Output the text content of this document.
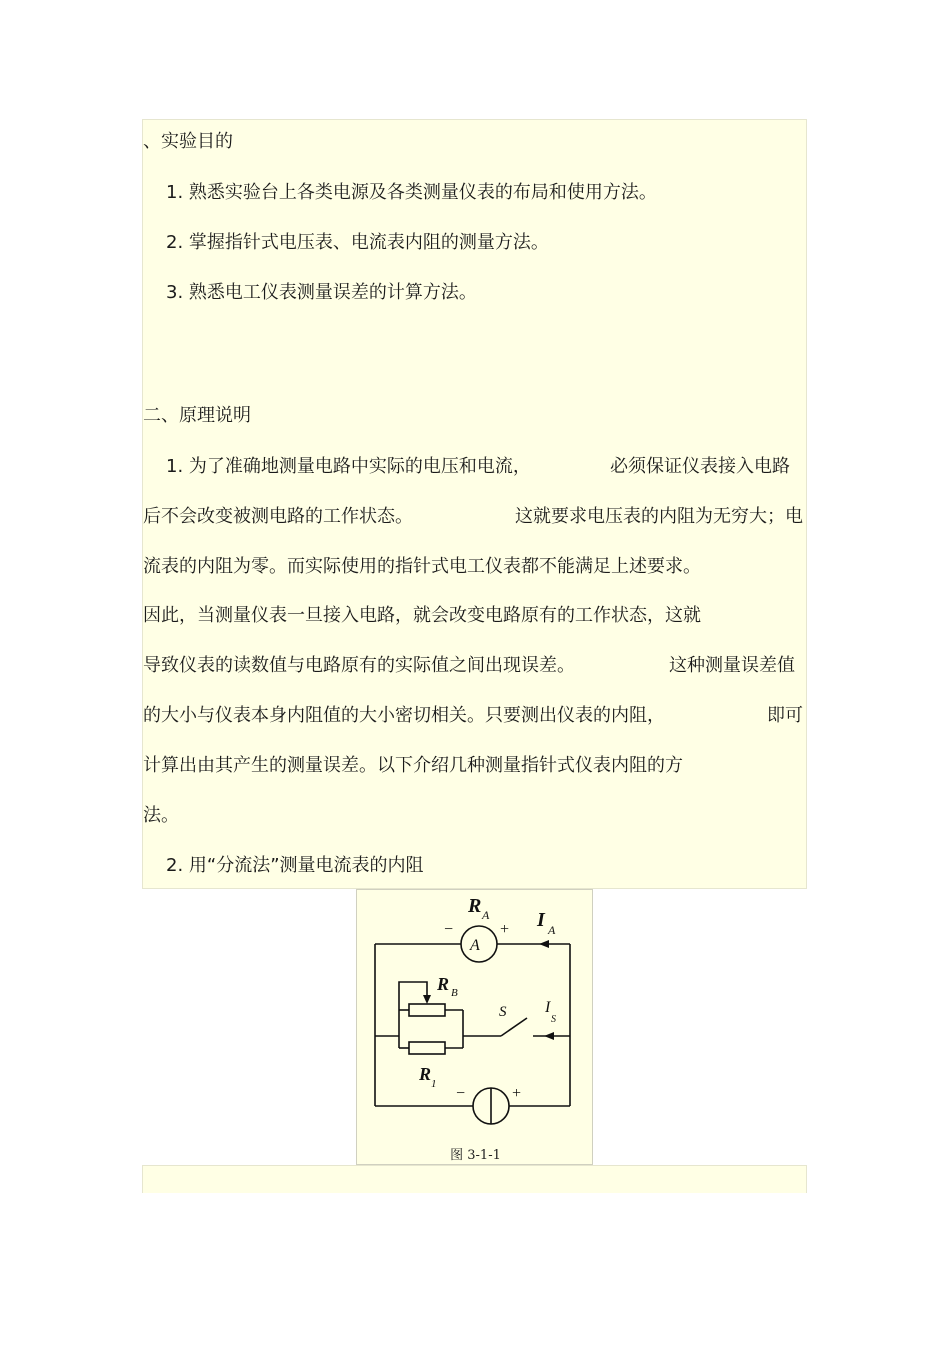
、实验目的
1. 熟悉实验台上各类电源及各类测量仪表的布局和使用方法。
2. 掌握指针式电压表、电流表内阻的测量方法。
3. 熟悉电工仪表测量误差的计算方法。
二、原理说明
1. 为了准确地测量电路中实际的电压和电流，	必须保证仪表接入电路
后不会改变被测电路的工作状态。	这就要求电压表的内阻为无穷大；电
流表的内阻为零。而实际使用的指针式电工仪表都不能满足上述要求。
因此，当测量仪表一旦接入电路，就会改变电路原有的工作状态，这就
导致仪表的读数值与电路原有的实际值之间出现误差。	这种测量误差值
的大小与仪表本身内阻值的大小密切相关。只要测出仪表的内阻，	即可
计算出由其产生的测量误差。以下介绍几种测量指针式仪表内阻的方
法。
2. 用“分流法”测量电流表的内阻
A
R A
−	+ I A
R B
S I
S
R 1
−	+
图 3-1-1
